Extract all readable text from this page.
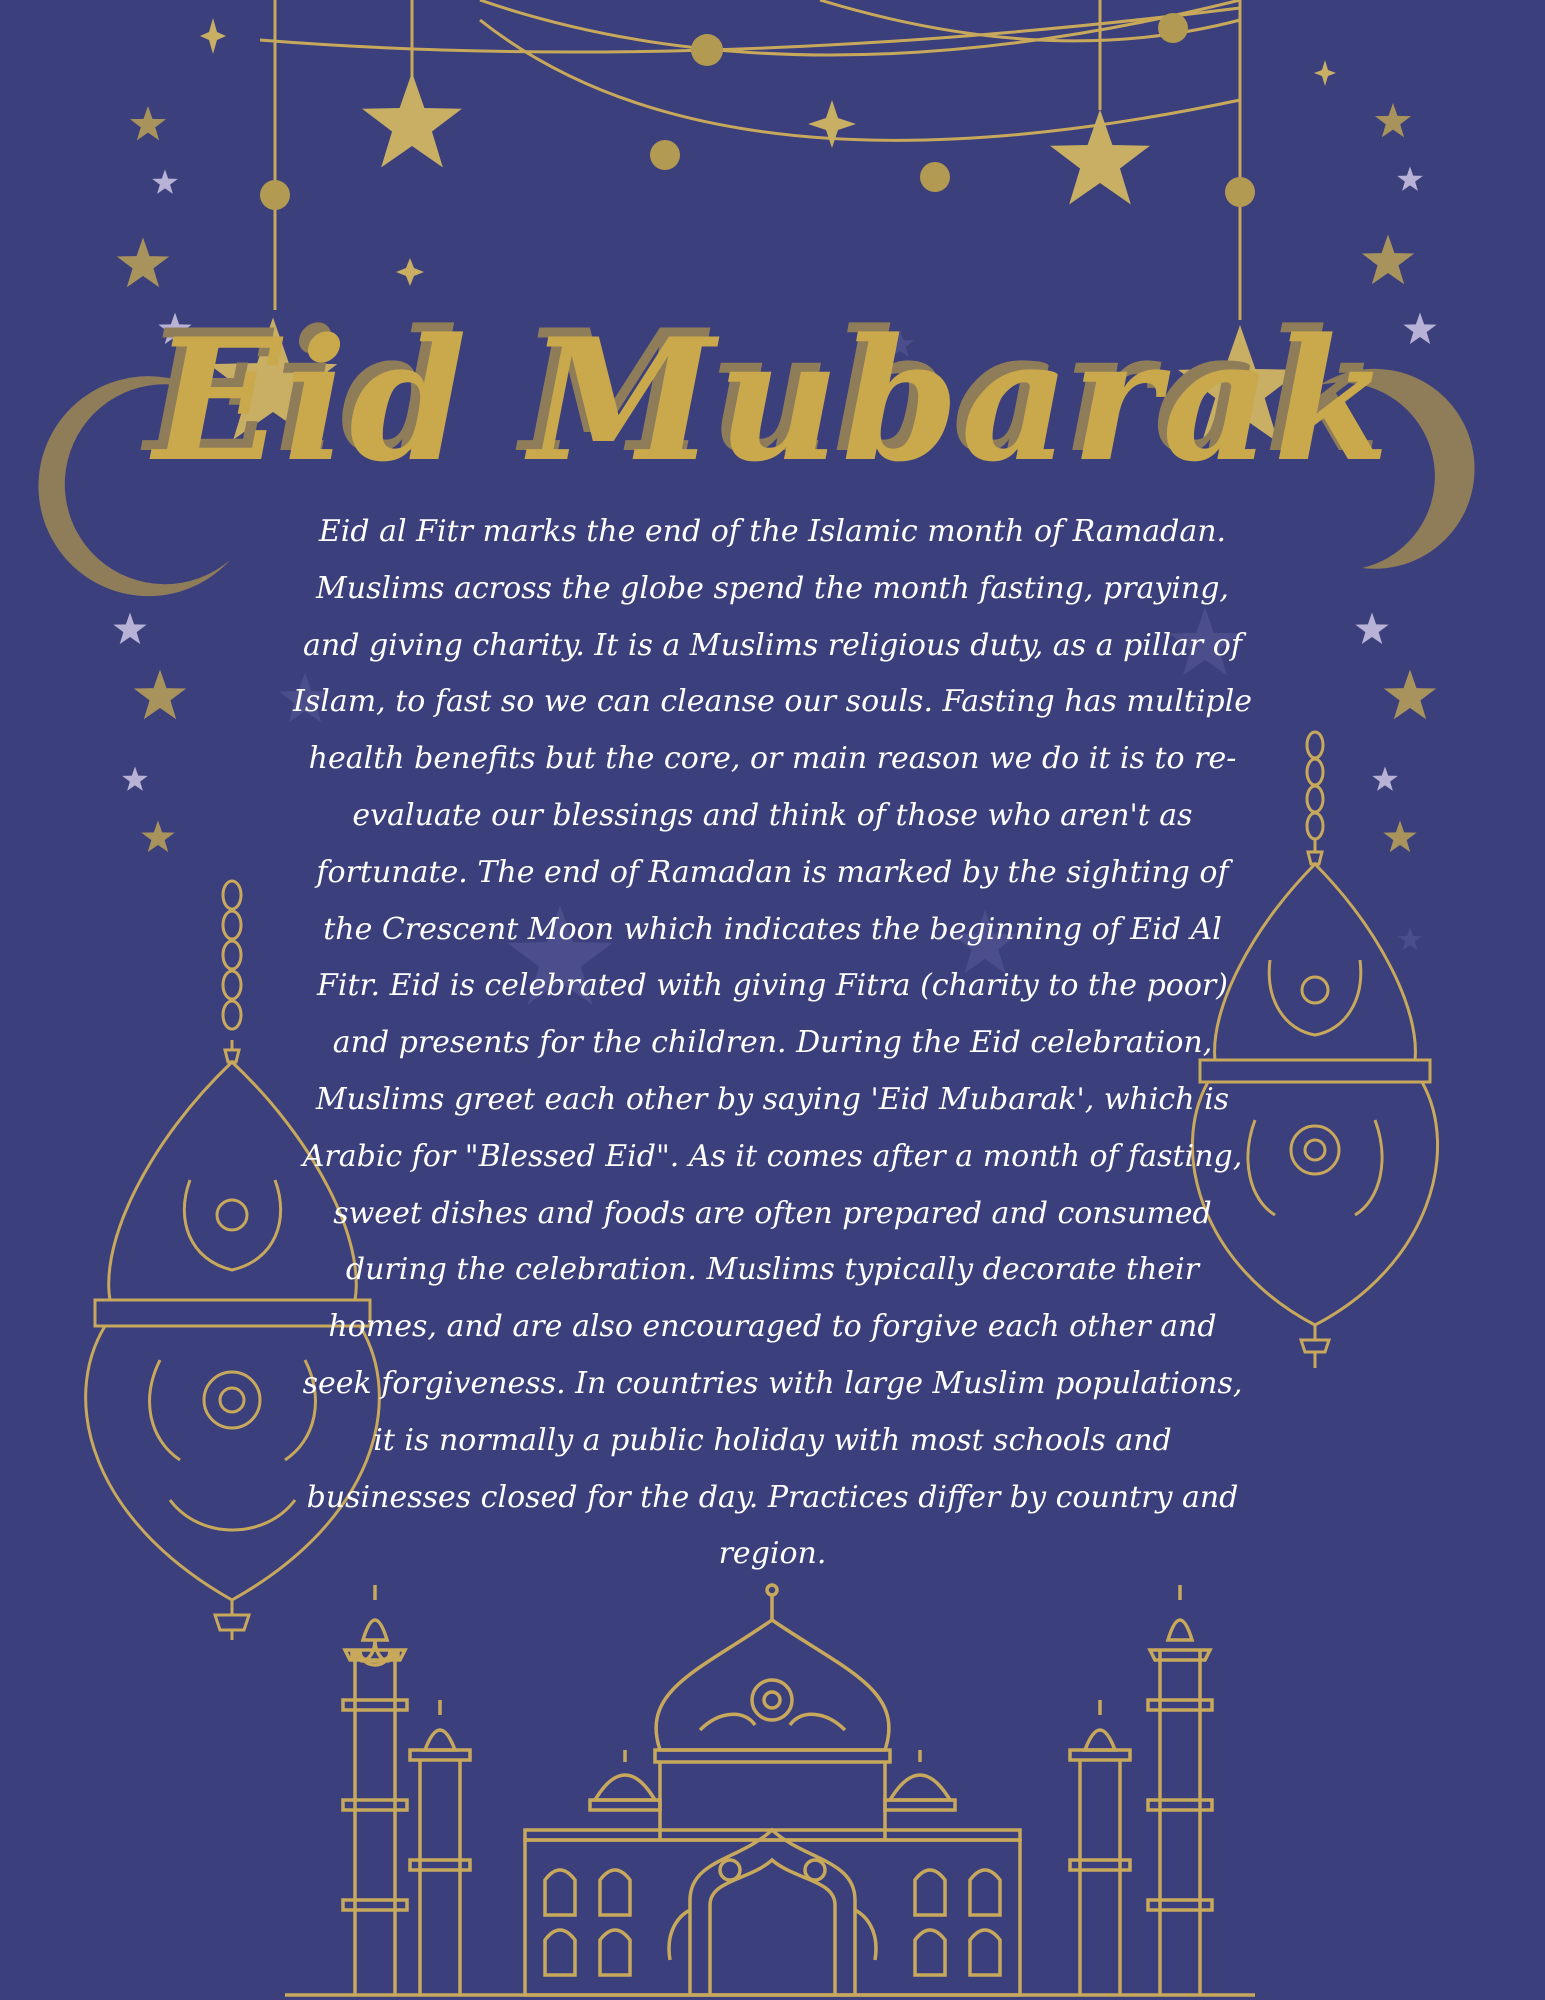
Eid Mubarak

Eid al Fitr marks the end of the Islamic month of Ramadan. Muslims across the globe spend the month fasting, praying, and giving charity. It is a Muslims religious duty, as a pillar of Islam, to fast so we can cleanse our souls. Fasting has multiple health benefits but the core, or main reason we do it is to re-evaluate our blessings and think of those who aren't as fortunate. The end of Ramadan is marked by the sighting of the Crescent Moon which indicates the beginning of Eid Al Fitr. Eid is celebrated with giving Fitra (charity to the poor) and presents for the children. During the Eid celebration, Muslims greet each other by saying 'Eid Mubarak', which is Arabic for "Blessed Eid". As it comes after a month of fasting, sweet dishes and foods are often prepared and consumed during the celebration. Muslims typically decorate their homes, and are also encouraged to forgive each other and seek forgiveness. In countries with large Muslim populations, it is normally a public holiday with most schools and businesses closed for the day. Practices differ by country and region.
